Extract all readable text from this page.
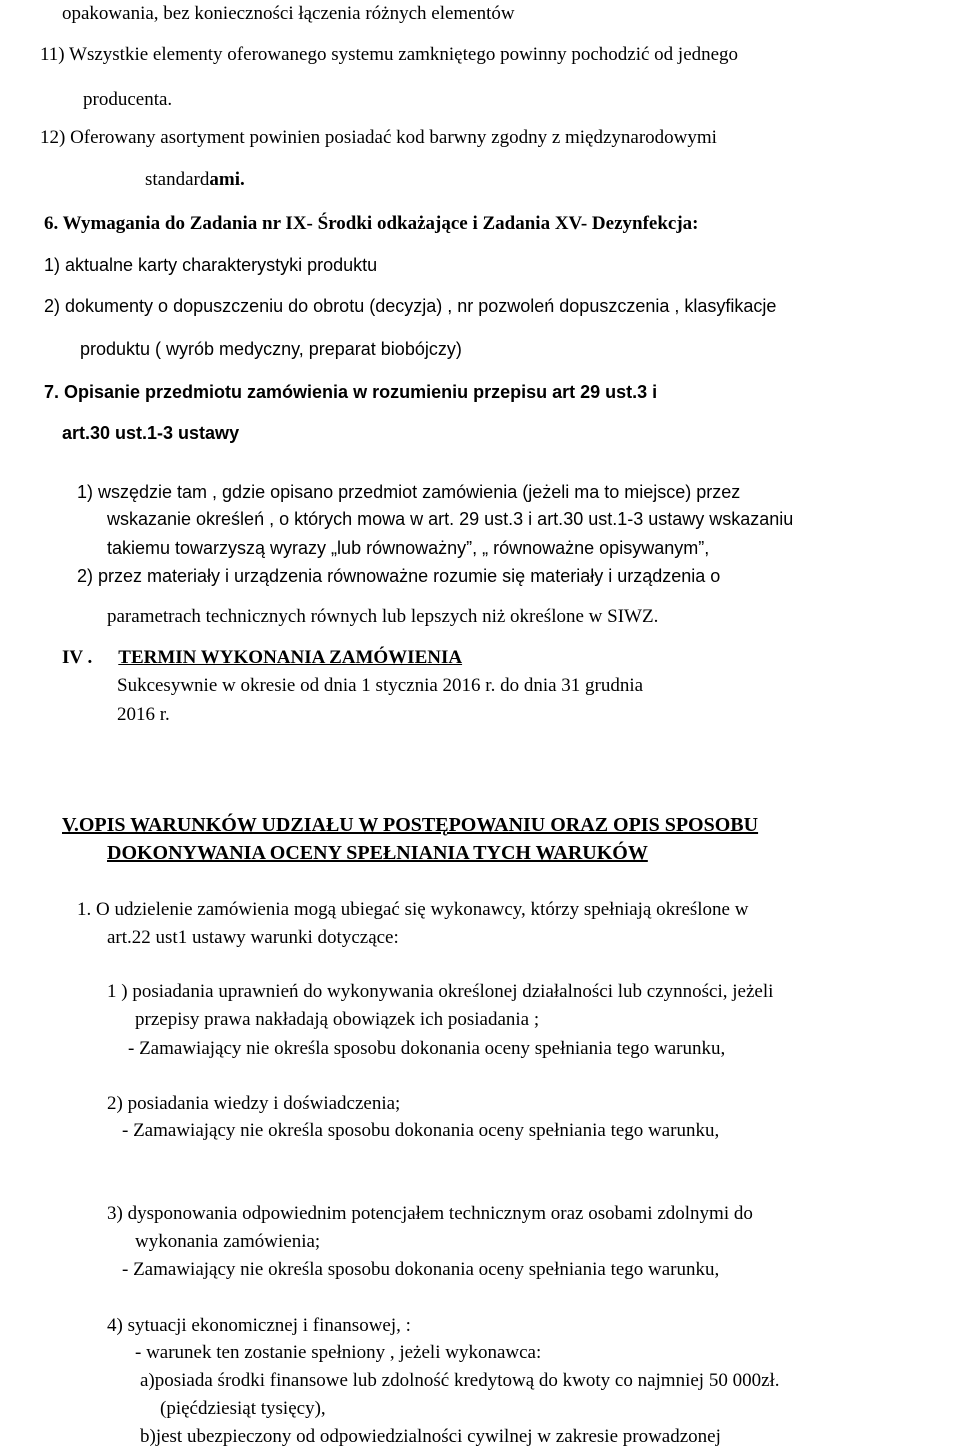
opakowania, bez konieczności łączenia różnych elementów

11) Wszystkie elementy oferowanego systemu zamkniętego powinny pochodzić od jednego

producenta.

12) Oferowany asortyment powinien posiadać kod barwny zgodny z międzynarodowymi

standardami.

6. Wymagania do Zadania nr IX- Środki odkażające i Zadania XV- Dezynfekcja:

1) aktualne karty charakterystyki produktu

2) dokumenty o dopuszczeniu do obrotu (decyzja) , nr pozwoleń dopuszczenia , klasyfikacje

produktu ( wyrób medyczny, preparat biobójczy)

7. Opisanie przedmiotu zamówienia w rozumieniu przepisu art 29 ust.3 i

art.30 ust.1-3 ustawy

1) wszędzie tam , gdzie opisano przedmiot zamówienia (jeżeli ma to miejsce) przez

wskazanie określeń , o których mowa w art. 29 ust.3 i art.30 ust.1-3 ustawy wskazaniu

takiemu towarzyszą wyrazy „lub równoważny”, „ równoważne opisywanym”,

2) przez materiały i urządzenia równoważne rozumie się materiały i urządzenia o

parametrach technicznych równych lub lepszych niż określone w SIWZ.

IV . TERMIN WYKONANIA ZAMÓWIENIA

Sukcesywnie w okresie od dnia 1 stycznia 2016 r. do dnia 31 grudnia

2016 r.

V.OPIS WARUNKÓW UDZIAŁU W POSTĘPOWANIU ORAZ OPIS SPOSOBU

DOKONYWANIA OCENY SPEŁNIANIA TYCH WARUKÓW

1. O udzielenie zamówienia mogą ubiegać się wykonawcy, którzy spełniają określone w

art.22 ust1 ustawy warunki dotyczące:

1 ) posiadania uprawnień do wykonywania określonej działalności lub czynności, jeżeli

przepisy prawa nakładają obowiązek ich posiadania ;

- Zamawiający nie określa sposobu dokonania oceny spełniania tego warunku,

2) posiadania wiedzy i doświadczenia;

- Zamawiający nie określa sposobu dokonania oceny spełniania tego warunku,

3) dysponowania odpowiednim potencjałem technicznym oraz osobami zdolnymi do

wykonania zamówienia;

- Zamawiający nie określa sposobu dokonania oceny spełniania tego warunku,

4) sytuacji ekonomicznej i finansowej, :

- warunek ten zostanie spełniony , jeżeli wykonawca:

a)posiada środki finansowe lub zdolność kredytową do kwoty co najmniej 50 000zł.

(pięćdziesiąt tysięcy),

b)jest ubezpieczony od odpowiedzialności cywilnej w zakresie prowadzonej
